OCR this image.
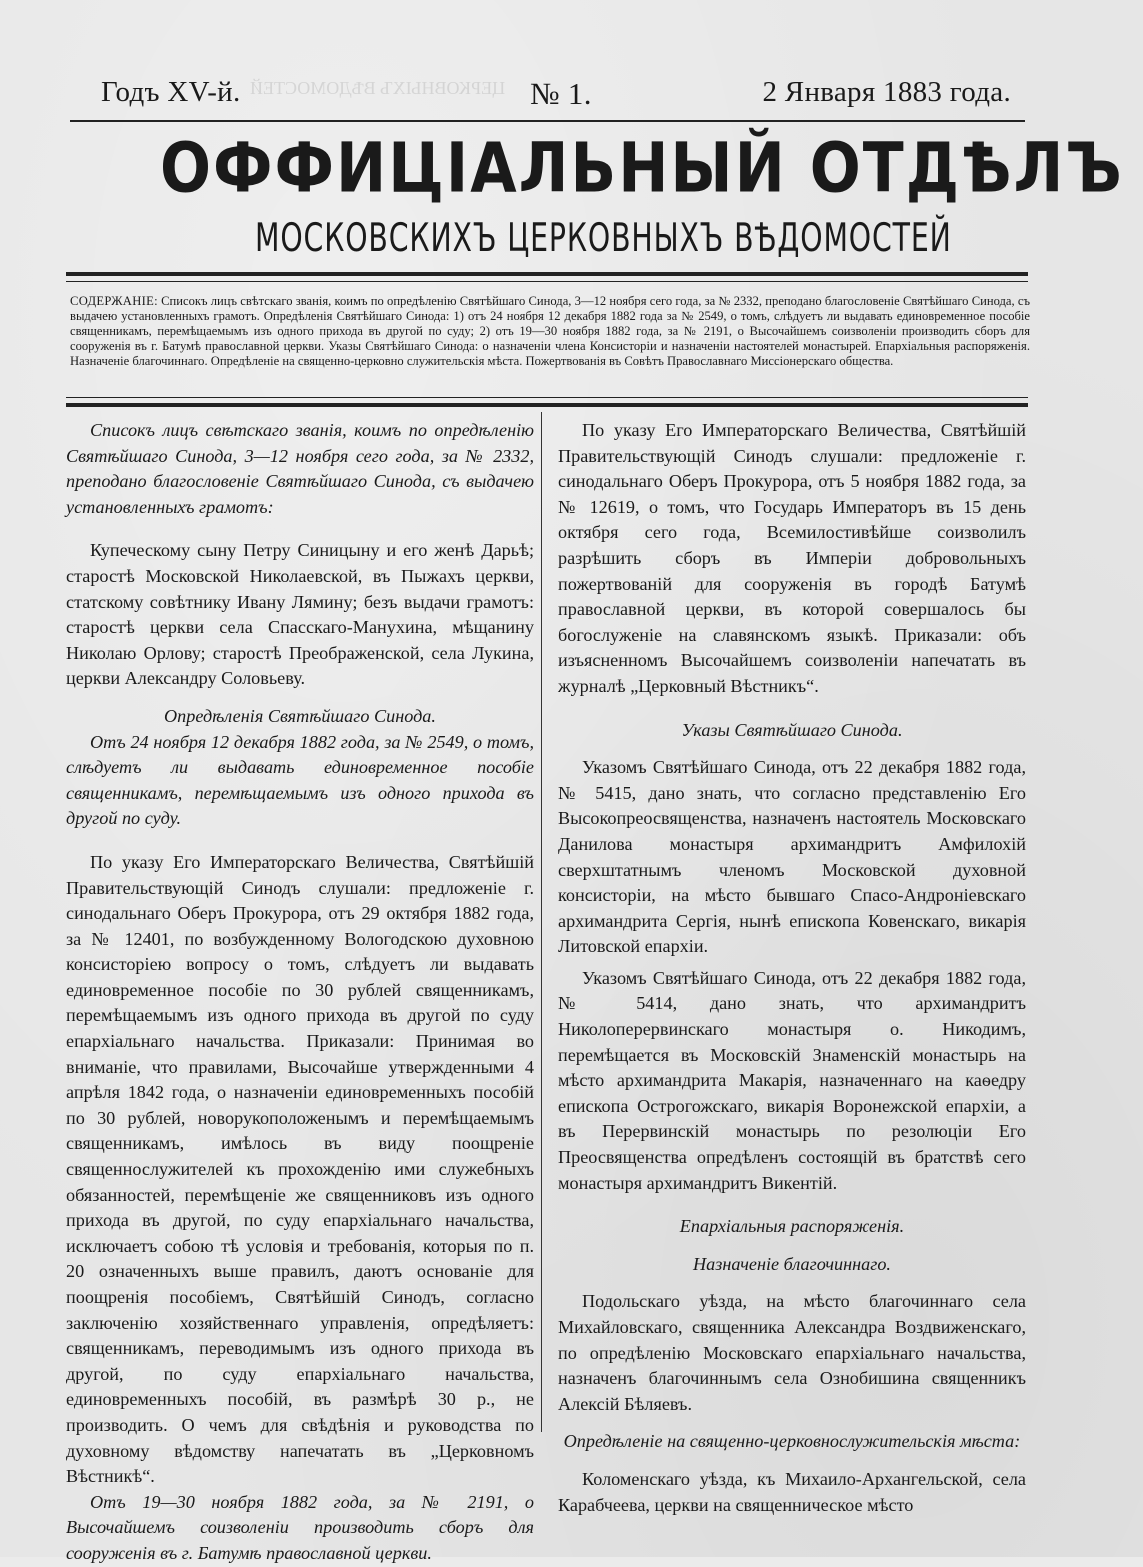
ЦЕРКОВНЫХЪ ВѢДОМОСТЕЙ
Годъ XV-й.	№ 1.	2 Января 1883 года.
ОФФИЦІАЛЬНЫЙ ОТДѢЛЪ
МОСКОВСКИХЪ ЦЕРКОВНЫХЪ ВѢДОМОСТЕЙ
СОДЕРЖАНІЕ: Списокъ лицъ свѣтскаго званія, коимъ по опредѣленію Святѣйшаго Синода, 3—12 ноября сего года, за № 2332, преподано благословеніе Святѣйшаго Синода, съ выдачею установленныхъ грамотъ. Опредѣленія Святѣйшаго Синода: 1) отъ 24 ноября 12 декабря 1882 года за № 2549, о томъ, слѣдуетъ ли выдавать единовременное пособіе священникамъ, перемѣщаемымъ изъ одного прихода въ другой по суду; 2) отъ 19—30 ноября 1882 года, за № 2191, о Высочайшемъ соизволеніи производить сборъ для сооруженія въ г. Батумѣ православной церкви. Указы Святѣйшаго Синода: о назначеніи члена Консисторіи и назначеніи настоятелей монастырей. Епархіальныя распоряженія. Назначеніе благочиннаго. Опредѣленіе на священно-церковно служительскія мѣста. Пожертвованія въ Совѣтъ Православнаго Миссіонерскаго общества.

Списокъ лицъ свѣтскаго званія, коимъ по опредѣленію Святѣйшаго Синода, 3—12 ноября сего года, за № 2332, преподано благословеніе Святѣйшаго Синода, съ выдачею установленныхъ грамотъ:

Купеческому сыну Петру Синицыну и его женѣ Дарьѣ; старостѣ Московской Николаевской, въ Пыжахъ церкви, статскому совѣтнику Ивану Лямину; безъ выдачи грамотъ: старостѣ церкви села Спасскаго-Манухина, мѣщанину Николаю Орлову; старостѣ Преображенской, села Лукина, церкви Александру Соловьеву.

Опредѣленія Святѣйшаго Синода.

Отъ 24 ноября 12 декабря 1882 года, за № 2549, о томъ, слѣдуетъ ли выдавать единовременное пособіе священникамъ, перемѣщаемымъ изъ одного прихода въ другой по суду.

По указу Его Императорскаго Величества, Святѣйшій Правительствующій Синодъ слушали: предложеніе г. синодальнаго Оберъ Прокурора, отъ 29 октября 1882 года, за № 12401, по возбужденному Вологодскою духовною консисторіею вопросу о томъ, слѣдуетъ ли выдавать единовременное пособіе по 30 рублей священникамъ, перемѣщаемымъ изъ одного прихода въ другой по суду епархіальнаго начальства. Приказали: Принимая во вниманіе, что правилами, Высочайше утвержденными 4 апрѣля 1842 года, о назначеніи единовременныхъ пособій по 30 рублей, новорукоположенымъ и перемѣщаемымъ священникамъ, имѣлось въ виду поощреніе священнослужителей къ прохожденію ими служебныхъ обязанностей, перемѣщеніе же священниковъ изъ одного прихода въ другой, по суду епархіальнаго начальства, исключаетъ собою тѣ условія и требованія, которыя по п. 20 означенныхъ выше правилъ, даютъ основаніе для поощренія пособіемъ, Святѣйшій Синодъ, согласно заключенію хозяйственнаго управленія, опредѣляетъ: священникамъ, переводимымъ изъ одного прихода въ другой, по суду епархіальнаго начальства, единовременныхъ пособій, въ размѣрѣ 30 р., не производить. О чемъ для свѣдѣнія и руководства по духовному вѣдомству напечатать въ „Церковномъ Вѣстникѣ“.

Отъ 19—30 ноября 1882 года, за № 2191, о Высочайшемъ соизволеніи производить сборъ для сооруженія въ г. Батумѣ православной церкви.

По указу Его Императорскаго Величества, Святѣйшій Правительствующій Синодъ слушали: предложеніе г. синодальнаго Оберъ Прокурора, отъ 5 ноября 1882 года, за № 12619, о томъ, что Государь Императоръ въ 15 день октября сего года, Всемилостивѣйше соизволилъ разрѣшить сборъ въ Имперіи добровольныхъ пожертвованій для сооруженія въ городѣ Батумѣ православной церкви, въ которой совершалось бы богослуженіе на славянскомъ языкѣ. Приказали: объ изъясненномъ Высочайшемъ соизволеніи напечатать въ журналѣ „Церковный Вѣстникъ“.

Указы Святѣйшаго Синода.

Указомъ Святѣйшаго Синода, отъ 22 декабря 1882 года, № 5415, дано знать, что согласно представленію Его Высокопреосвященства, назначенъ настоятель Московскаго Данилова монастыря архимандритъ Амфилохій сверхштатнымъ членомъ Московской духовной консисторіи, на мѣсто бывшаго Спасо-Андроніевскаго архимандрита Сергія, нынѣ епископа Ковенскаго, викарія Литовской епархіи.

Указомъ Святѣйшаго Синода, отъ 22 декабря 1882 года, № 5414, дано знать, что архимандритъ Николоперервинскаго монастыря о. Никодимъ, перемѣщается въ Московскій Знаменскій монастырь на мѣсто архимандрита Макарія, назначеннаго на каѳедру епископа Острогожскаго, викарія Воронежской епархіи, а въ Перервинскій монастырь по резолюціи Его Преосвященства опредѣленъ состоящій въ братствѣ сего монастыря архимандритъ Викентій.

Епархіальныя распоряженія.

Назначеніе благочиннаго.

Подольскаго уѣзда, на мѣсто благочиннаго села Михайловскаго, священника Александра Воздвиженскаго, по опредѣленію Московскаго епархіальнаго начальства, назначенъ благочиннымъ села Ознобишина священникъ Алексій Бѣляевъ.

Опредѣленіе на священно-церковнослужительскія мѣста:

Коломенскаго уѣзда, къ Михаило-Архангельской, села Карабчеева, церкви на священническое мѣсто
